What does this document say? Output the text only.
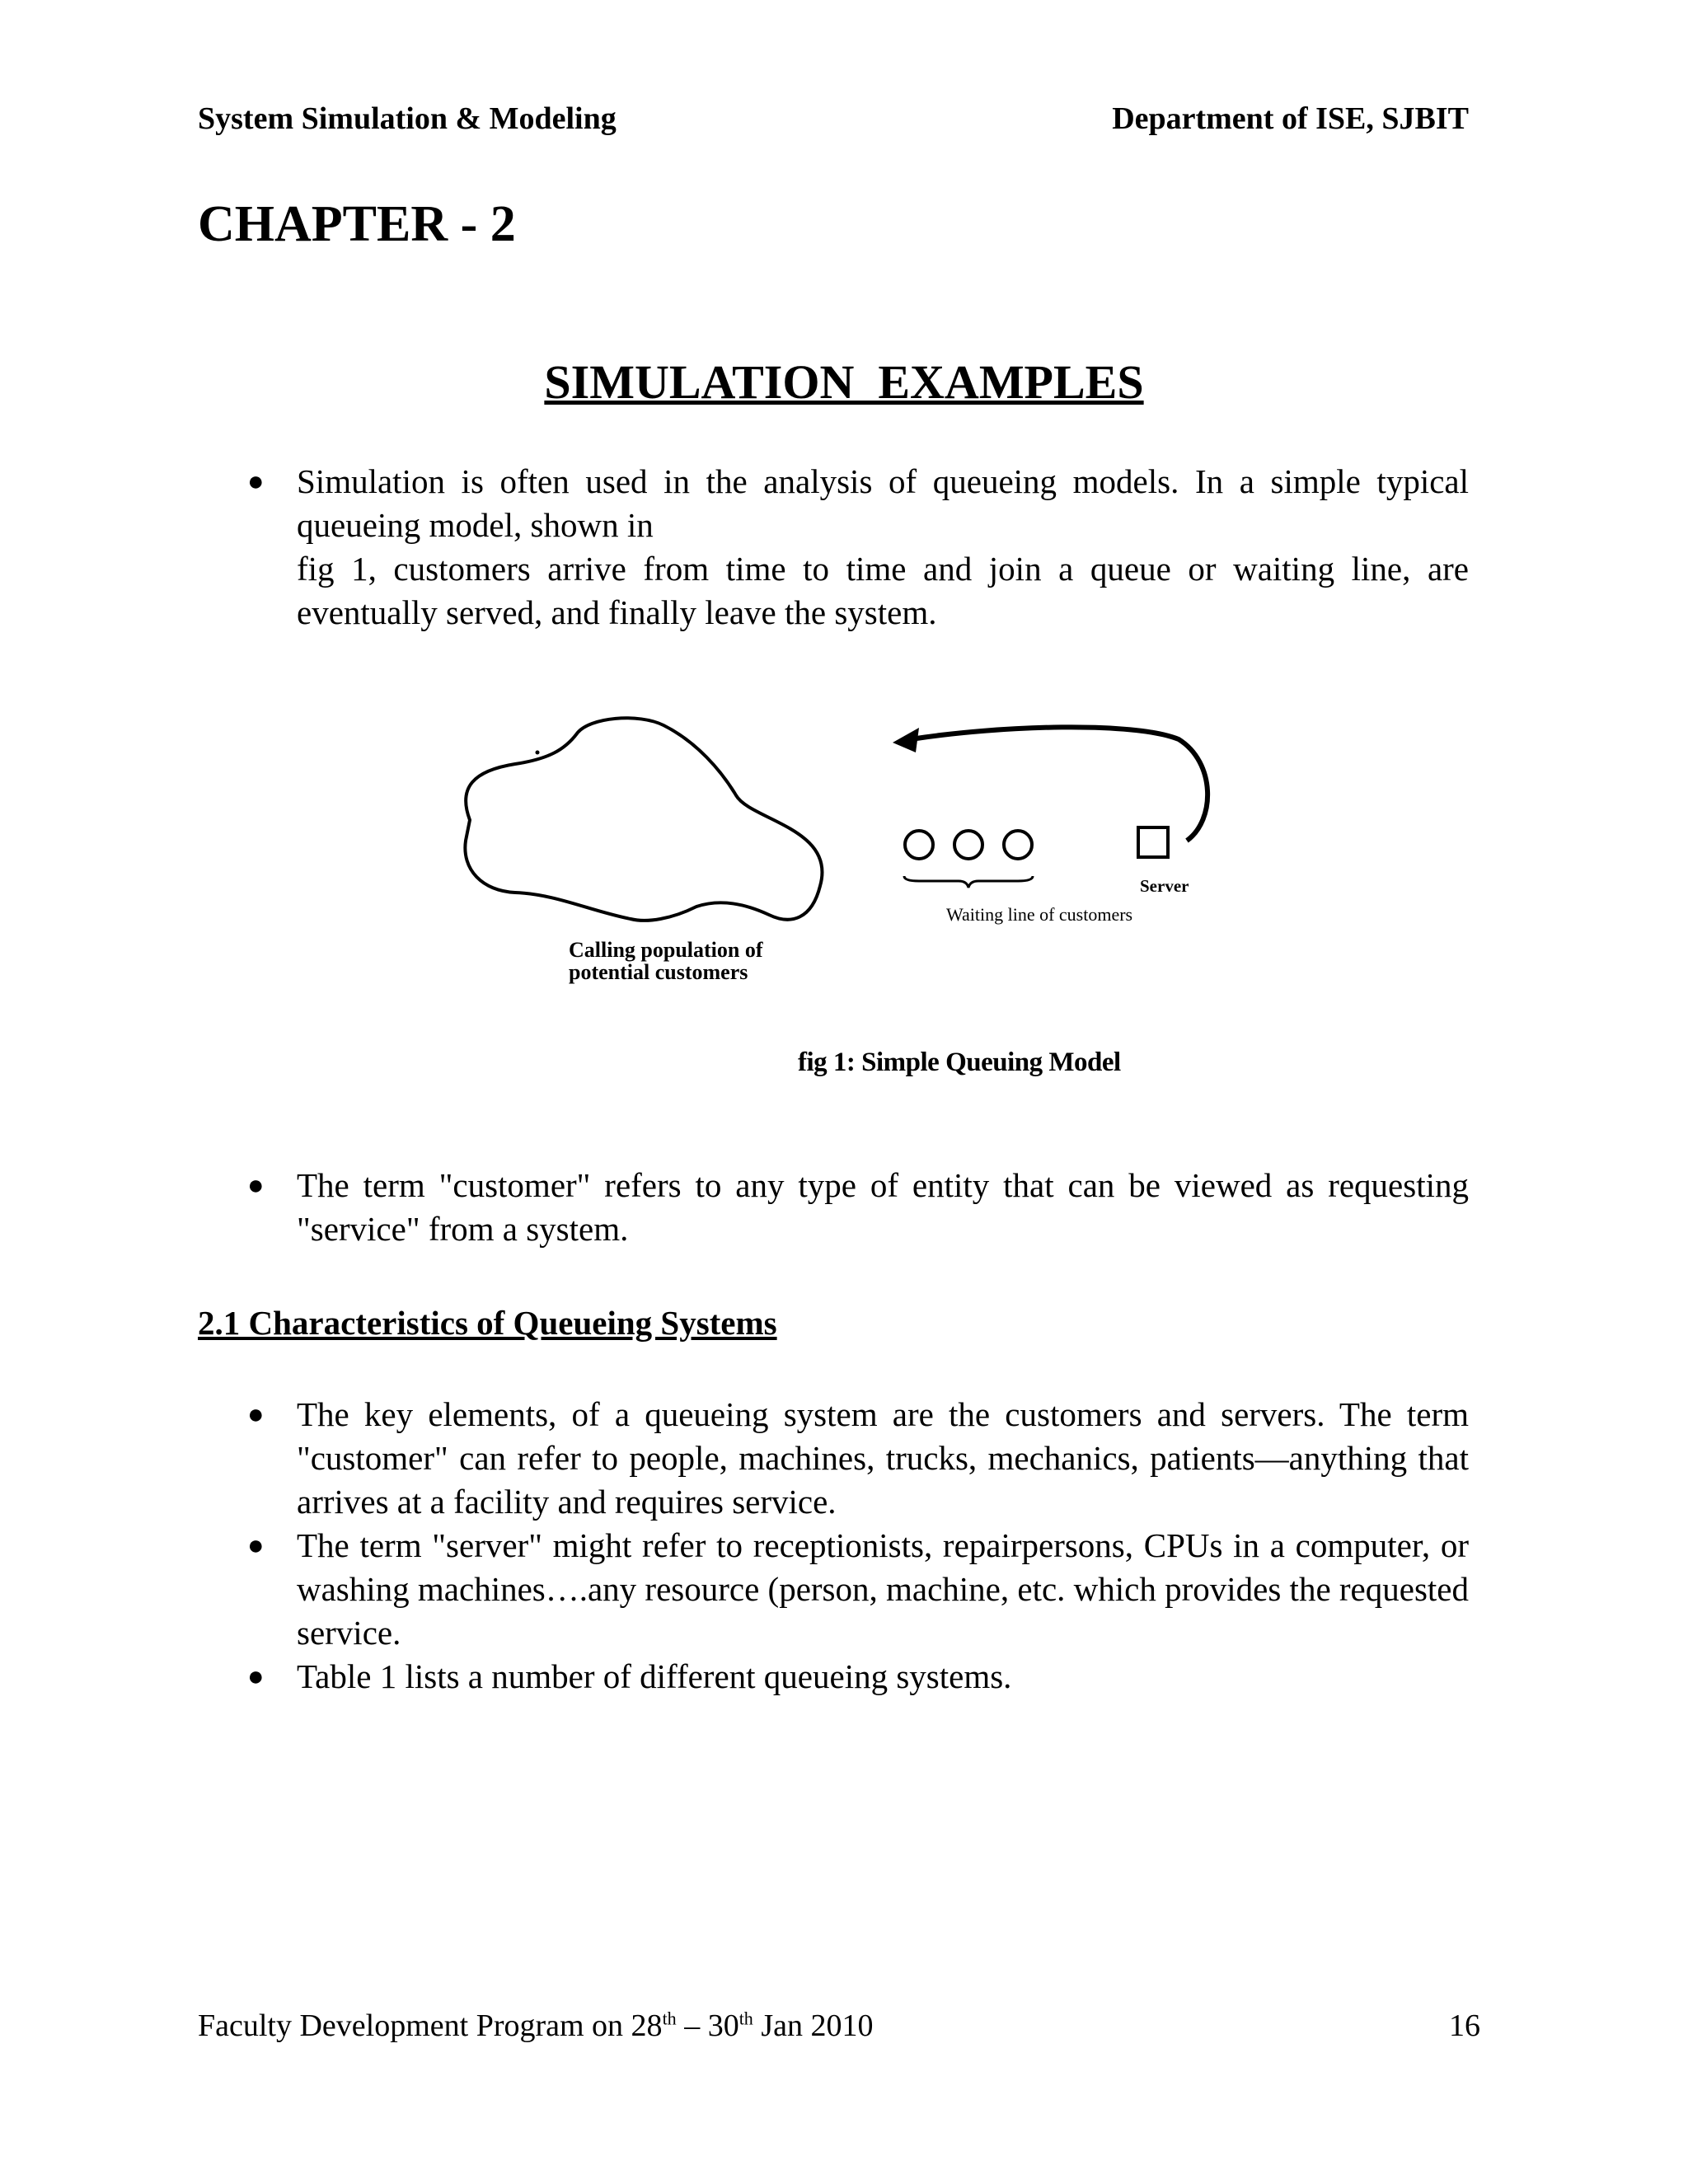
System Simulation & Modeling	Department of ISE, SJBIT
CHAPTER - 2
SIMULATION  EXAMPLES
● Simulation is often used in the analysis of queueing models. In a simple typical queueing model, shown in
fig 1, customers arrive from time to time and join a queue or waiting line, are eventually served, and finally leave the system.
Server
Waiting line of customers
Calling population of
potential customers
fig 1: Simple Queuing Model
● The term "customer" refers to any type of entity that can be viewed as requesting "service" from a system.
2.1 Characteristics of Queueing Systems
● The key elements, of a queueing system are the customers and servers. The term "customer" can refer to people, machines, trucks, mechanics, patients—anything that arrives at a facility and requires service.
● The term "server" might refer to receptionists, repairpersons, CPUs in a computer, or washing machines….any resource (person, machine, etc. which provides the requested service.
● Table 1 lists a number of different queueing systems.
Faculty Development Program on 28th – 30th Jan 2010	16
